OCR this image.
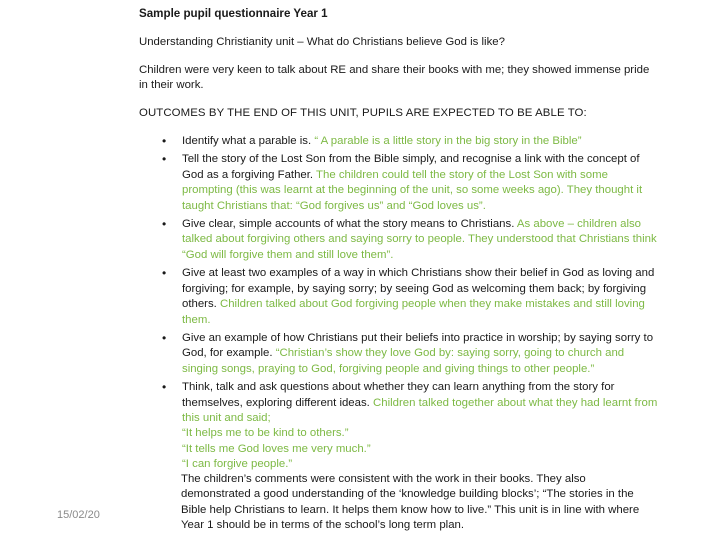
Sample pupil questionnaire Year 1

Understanding Christianity unit – What do Christians believe God is like?

Children were very keen to talk about RE and share their books with me; they showed immense pride in their work.

OUTCOMES BY THE END OF THIS UNIT, PUPILS ARE EXPECTED TO BE ABLE TO:
• Identify what a parable is. “ A parable is a little story in the big story in the Bible”
• Tell the story of the Lost Son from the Bible simply, and recognise a link with the concept of God as a forgiving Father. The children could tell the story of the Lost Son with some prompting (this was learnt at the beginning of the unit, so some weeks ago). They thought it taught Christians that: “God forgives us” and “God loves us”.
• Give clear, simple accounts of what the story means to Christians. As above – children also talked about forgiving others and saying sorry to people. They understood that Christians think “God will forgive them and still love them”.
• Give at least two examples of a way in which Christians show their belief in God as loving and forgiving; for example, by saying sorry; by seeing God as welcoming them back; by forgiving others. Children talked about God forgiving people when they make mistakes and still loving them.
• Give an example of how Christians put their beliefs into practice in worship; by saying sorry to God, for example. “Christian’s show they love God by: saying sorry, going to church and singing songs, praying to God, forgiving people and giving things to other people.”
• Think, talk and ask questions about whether they can learn anything from the story for themselves, exploring different ideas. Children talked together about what they had learnt from this unit and said;
“It helps me to be kind to others.”
“It tells me God loves me very much.”
“I can forgive people.”
The children’s comments were consistent with the work in their books. They also demonstrated a good understanding of the ‘knowledge building blocks’; “The stories in the Bible help Christians to learn. It helps them know how to live.” This unit is in line with where Year 1 should be in terms of the school’s long term plan.
15/02/20
